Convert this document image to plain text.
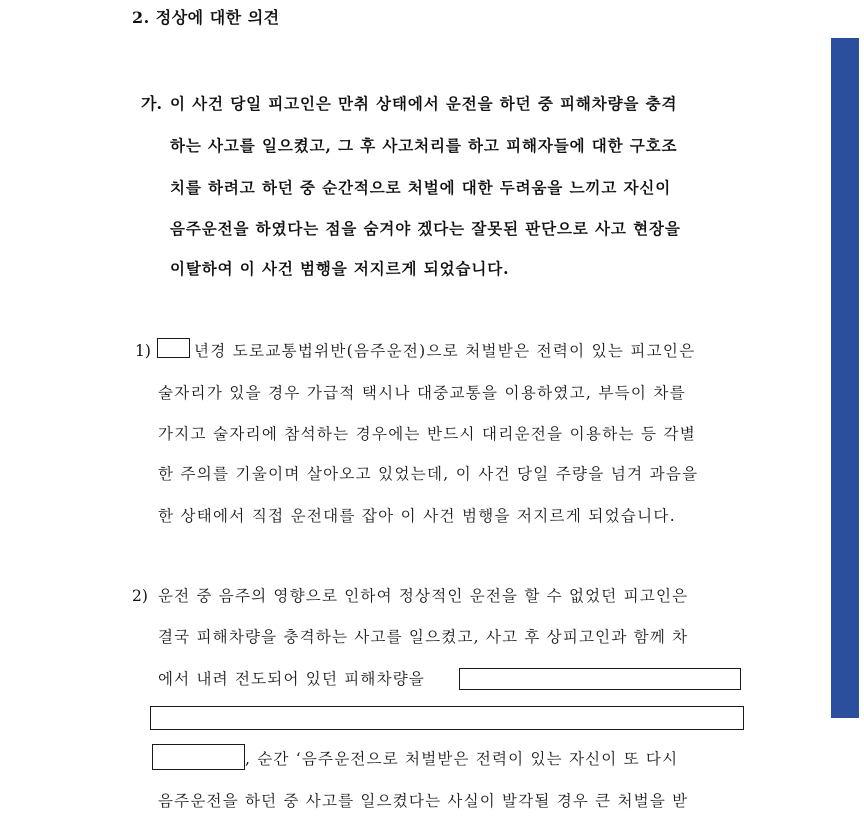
2. 정상에 대한 의견
가. 이 사건 당일 피고인은 만취 상태에서 운전을 하던 중 피해차량을 충격
하는 사고를 일으켰고, 그 후 사고처리를 하고 피해자들에 대한 구호조
치를 하려고 하던 중 순간적으로 처벌에 대한 두려움을 느끼고 자신이
음주운전을 하였다는 점을 숨겨야 겠다는 잘못된 판단으로 사고 현장을
이탈하여 이 사건 범행을 저지르게 되었습니다.
1)	년경 도로교통법위반(음주운전)으로 처벌받은 전력이 있는 피고인은
술자리가 있을 경우 가급적 택시나 대중교통을 이용하였고, 부득이 차를
가지고 술자리에 참석하는 경우에는 반드시 대리운전을 이용하는 등 각별
한 주의를 기울이며 살아오고 있었는데, 이 사건 당일 주량을 넘겨 과음을
한 상태에서 직접 운전대를 잡아 이 사건 범행을 저지르게 되었습니다.
2) 운전 중 음주의 영향으로 인하여 정상적인 운전을 할 수 없었던 피고인은
결국 피해차량을 충격하는 사고를 일으켰고, 사고 후 상피고인과 함께 차
에서 내려 전도되어 있던 피해차량을
, 순간 ‘음주운전으로 처벌받은 전력이 있는 자신이 또 다시
음주운전을 하던 중 사고를 일으켰다는 사실이 발각될 경우 큰 처벌을 받
